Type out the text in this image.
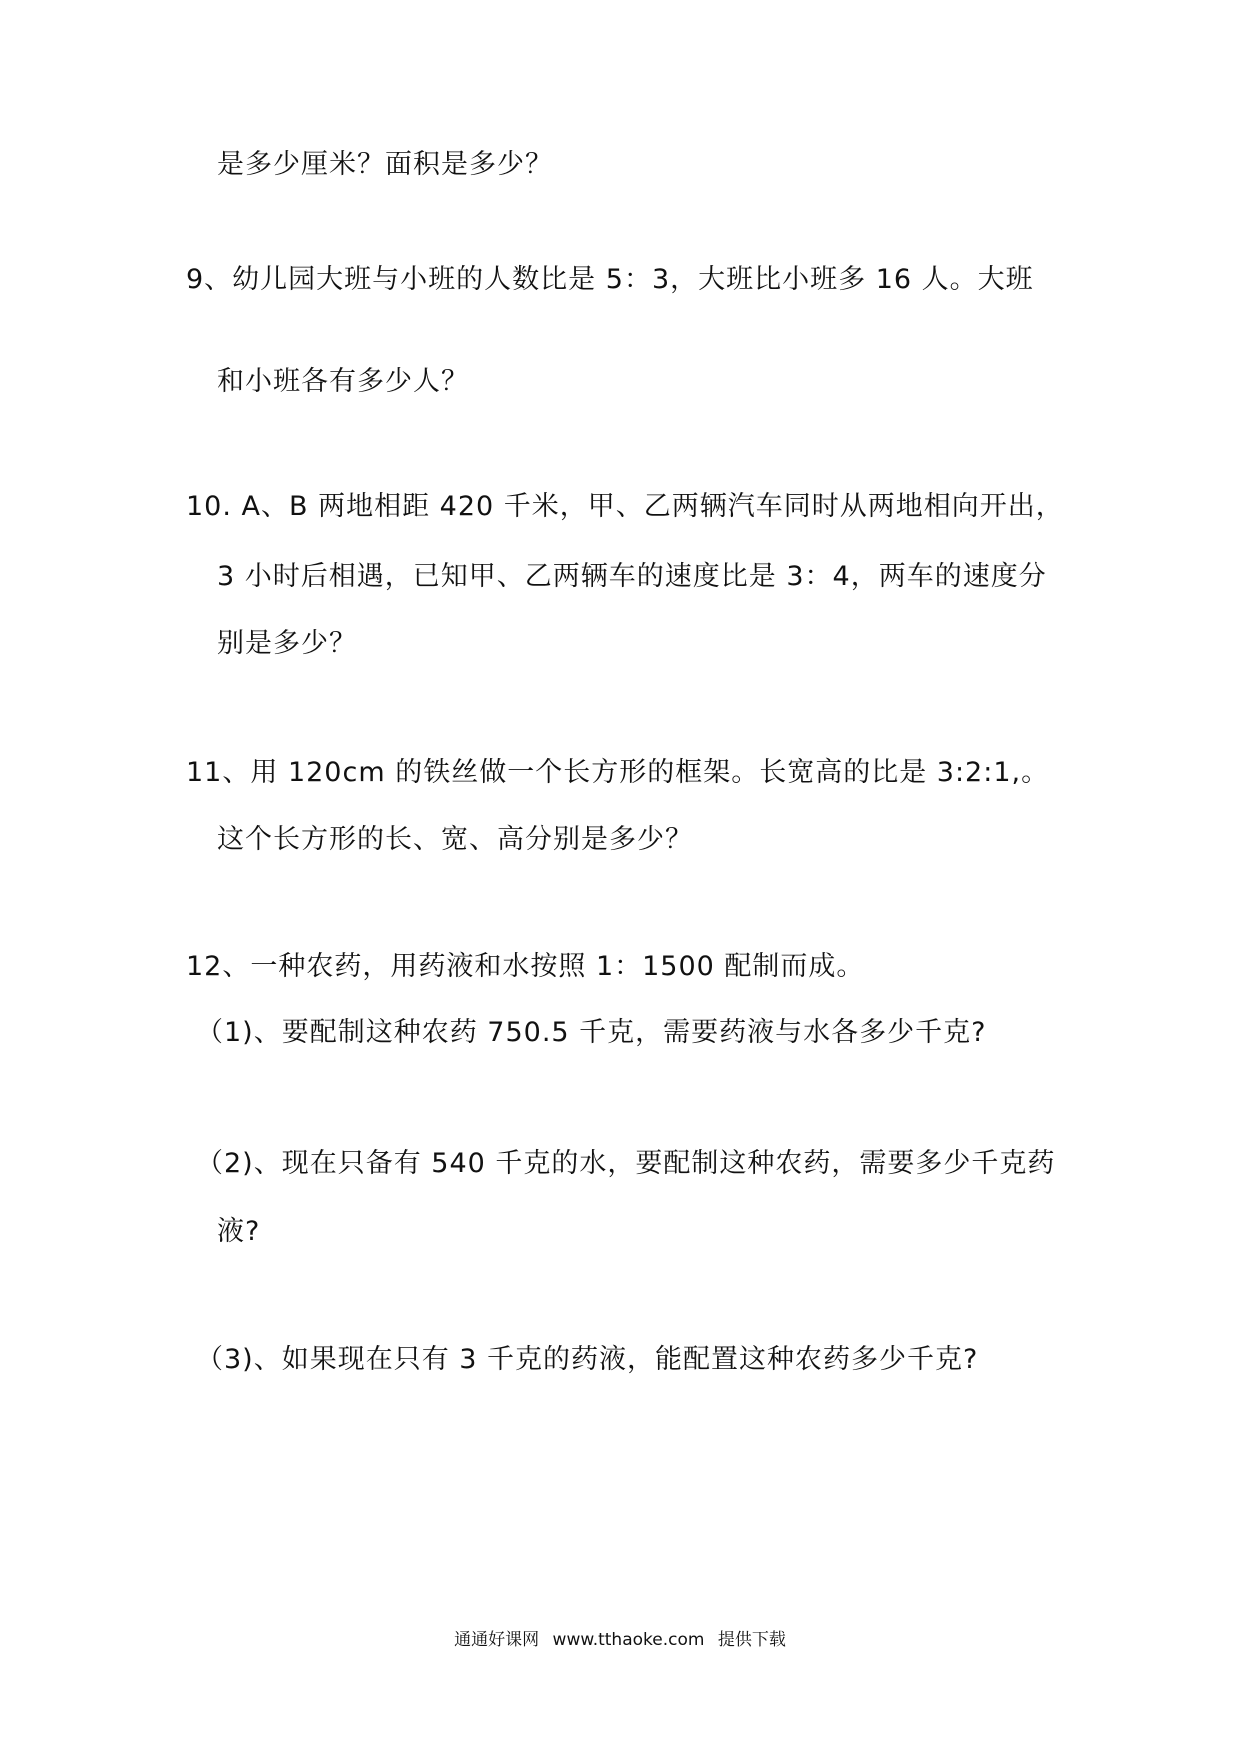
是多少厘米？面积是多少？

9、幼儿园大班与小班的人数比是 5：3，大班比小班多 16 人。大班

和小班各有多少人？

10. A、B 两地相距 420 千米，甲、乙两辆汽车同时从两地相向开出，

3 小时后相遇，已知甲、乙两辆车的速度比是 3：4，两车的速度分

别是多少？

11、用 120cm 的铁丝做一个长方形的框架。长宽高的比是 3:2:1,。

这个长方形的长、宽、高分别是多少？

12、一种农药，用药液和水按照 1：1500 配制而成。

（1)、要配制这种农药 750.5 千克，需要药液与水各多少千克?

（2)、现在只备有 540 千克的水，要配制这种农药，需要多少千克药

液?

（3)、如果现在只有 3 千克的药液，能配置这种农药多少千克?

通通好课网 www.tthaoke.com 提供下载
